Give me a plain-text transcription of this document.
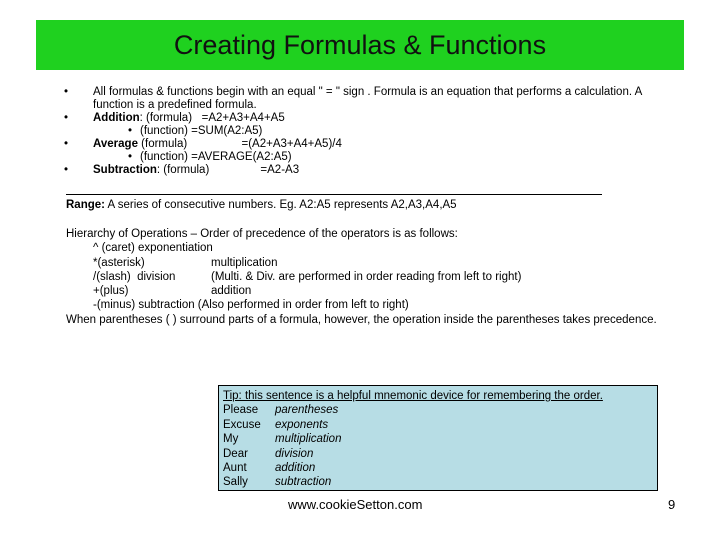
Creating Formulas & Functions
• All formulas & functions begin with an equal " = " sign . Formula is an equation that performs a calculation. A function is a predefined formula.
• Addition: (formula)   =A2+A3+A4+A5
• (function) =SUM(A2:A5)
• Average (formula)                 =(A2+A3+A4+A5)/4
• (function) =AVERAGE(A2:A5)
• Subtraction: (formula)                =A2-A3
Range: A series of consecutive numbers. Eg. A2:A5 represents A2,A3,A4,A5
Hierarchy of Operations – Order of precedence of the operators is as follows:
^ (caret) exponentiation
*(asterisk)	multiplication
/(slash)  division	(Multi. & Div. are performed in order reading from left to right)
+(plus)	addition
-(minus) subtraction (Also performed in order from left to right)
When parentheses ( ) surround parts of a formula, however, the operation inside the parentheses takes precedence.
Tip: this sentence is a helpful mnemonic device for remembering the order.
Please parentheses
Excuse exponents
My	multiplication
Dear division
Aunt addition
Sally subtraction
www.cookieSetton.com	9
